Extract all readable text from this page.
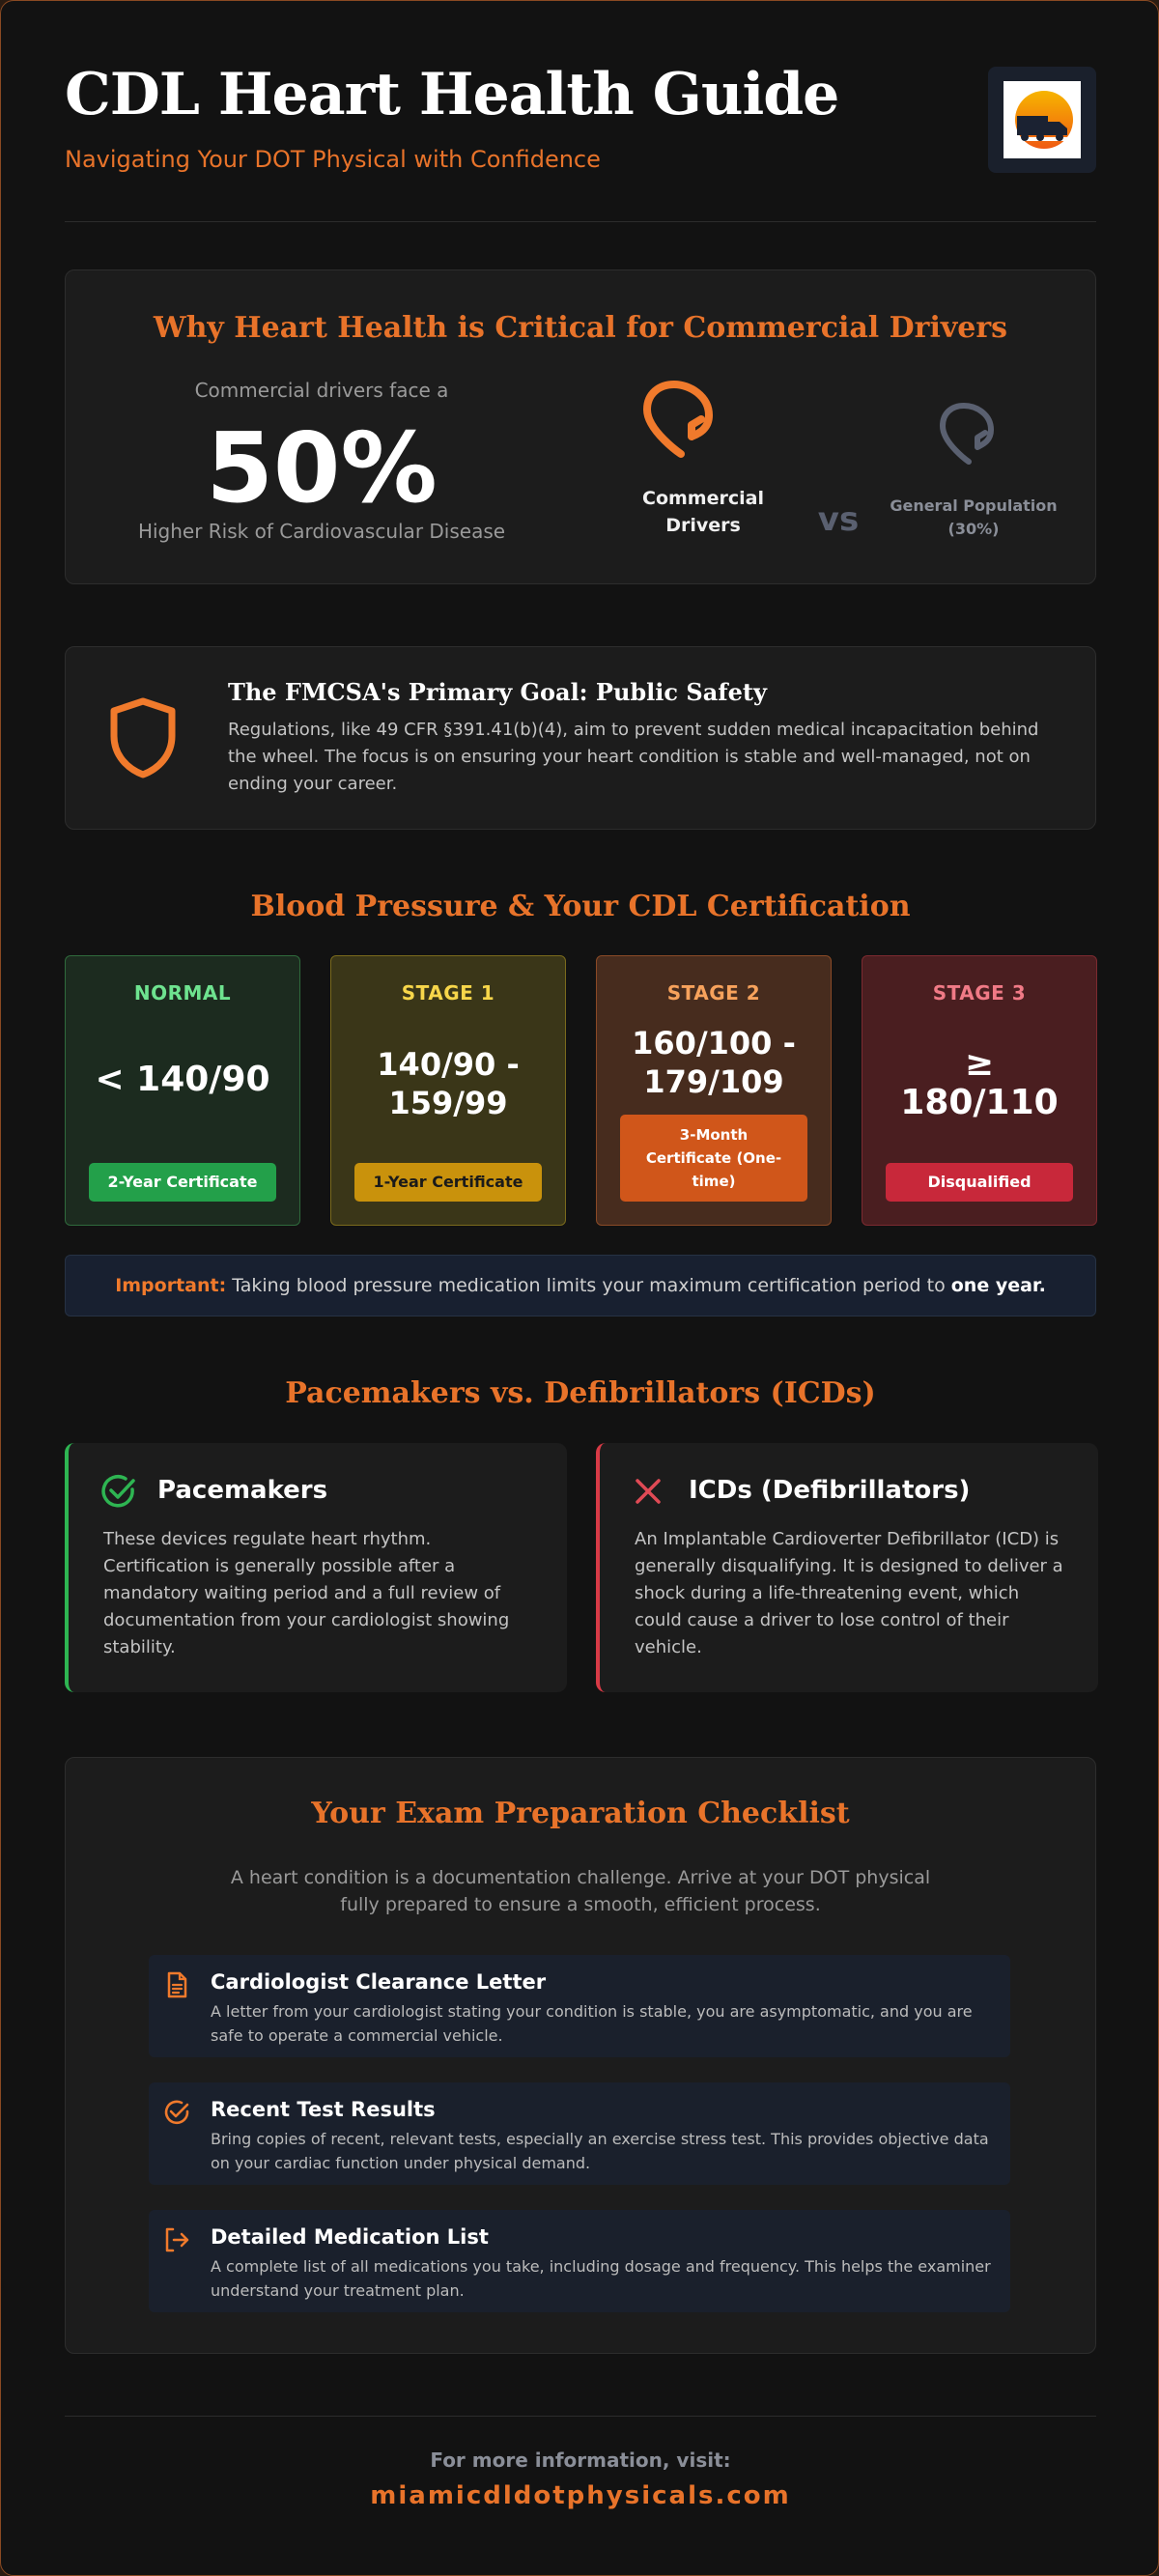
CDL Heart Health Guide
Navigating Your DOT Physical with Confidence
Why Heart Health is Critical for Commercial Drivers
Commercial drivers face a
50%
Higher Risk of Cardiovascular Disease
Commercial
Drivers	vs	General Population
(30%)
The FMCSA's Primary Goal: Public Safety
Regulations, like 49 CFR §391.41(b)(4), aim to prevent sudden medical incapacitation behind the wheel. The focus is on ensuring your heart condition is stable and well-managed, not on ending your career.
Blood Pressure & Your CDL Certification
NORMAL
< 140/90
2-Year Certificate
STAGE 1
140/90 -
159/99
1-Year Certificate
STAGE 2
160/100 -
179/109
3-Month
Certificate (One-
time)
STAGE 3
≥
180/110
Disqualified
Important: Taking blood pressure medication limits your maximum certification period to one year.
Pacemakers vs. Defibrillators (ICDs)
Pacemakers
These devices regulate heart rhythm. Certification is generally possible after a mandatory waiting period and a full review of documentation from your cardiologist showing stability.
ICDs (Defibrillators)
An Implantable Cardioverter Defibrillator (ICD) is generally disqualifying. It is designed to deliver a shock during a life-threatening event, which could cause a driver to lose control of their vehicle.
Your Exam Preparation Checklist
A heart condition is a documentation challenge. Arrive at your DOT physical fully prepared to ensure a smooth, efficient process.
Cardiologist Clearance Letter
A letter from your cardiologist stating your condition is stable, you are asymptomatic, and you are safe to operate a commercial vehicle.
Recent Test Results
Bring copies of recent, relevant tests, especially an exercise stress test. This provides objective data on your cardiac function under physical demand.
Detailed Medication List
A complete list of all medications you take, including dosage and frequency. This helps the examiner understand your treatment plan.
For more information, visit:
miamicdldotphysicals.com
